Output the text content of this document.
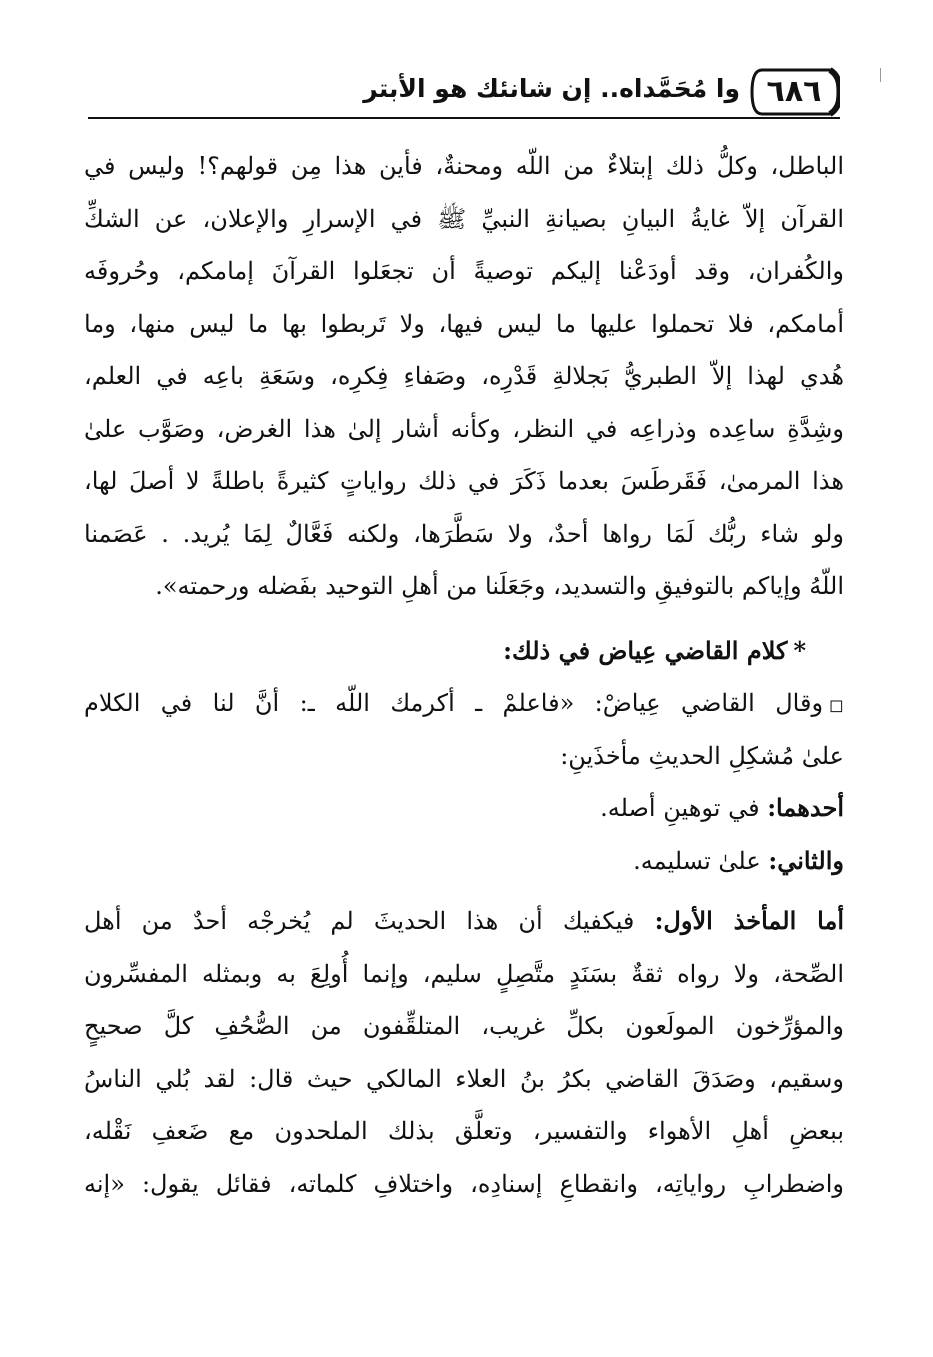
٦٨٦
وا مُحَمَّداه.. إن شانئك هو الأبتر
الباطل، وكلُّ ذلك إبتلاءٌ من اللّه ومحنةٌ، فأين هذا مِن قولهم؟! وليس في
القرآن إلاّ غايةُ البيانِ بصيانةِ النبيِّ ﷺ في الإسرارِ والإعلان، عن الشكِّ
والكُفران، وقد أودَعْنا إليكم توصيةً أن تجعَلوا القرآنَ إمامكم، وحُروفَه
أمامكم، فلا تحملوا عليها ما ليس فيها، ولا تَربطوا بها ما ليس منها، وما
هُدي لهذا إلاّ الطبريُّ بَجلالةِ قَدْرِه، وصَفاءِ فِكرِه، وسَعَةِ باعِه في العلم،
وشِدَّةِ ساعِده وذراعِه في النظر، وكأنه أشار إلىٰ هذا الغرض، وصَوَّب علىٰ
هذا المرمىٰ، فَقَرطَسَ بعدما ذَكَرَ في ذلك رواياتٍ كثيرةً باطلةً لا أصلَ لها،
ولو شاء ربُّك لَمَا رواها أحدٌ، ولا سَطَّرَها، ولكنه فَعَّالٌ لِمَا يُريد. . عَصَمنا
اللّهُ وإياكم بالتوفيقِ والتسديد، وجَعَلَنا من أهلِ التوحيد بفَضله ورحمته».
*كلام القاضي عِياض في ذلك:
◻وقال القاضي عِياضْ: «فاعلمْ ـ أكرمك اللّه ـ: أنَّ لنا في الكلام
علىٰ مُشكِلِ الحديثِ مأخذَينِ:
أحدهما: في توهينِ أصله.
والثاني: علىٰ تسليمه.
أما المأخذ الأول: فيكفيك أن هذا الحديثَ لم يُخرجْه أحدٌ من أهل
الصِّحة، ولا رواه ثقةٌ بسَنَدٍ متَّصِلٍ سليم، وإنما أُولِعَ به وبمثله المفسِّرون
والمؤرِّخون المولَعون بكلِّ غريب، المتلقِّفون من الصُّحُفِ كلَّ صحيحٍ
وسقيم، وصَدَقَ القاضي بكرُ بنُ العلاء المالكي حيث قال: لقد بُلي الناسُ
ببعضِ أهلِ الأهواء والتفسير، وتعلَّق بذلك الملحدون مع ضَعفِ نَقْله،
واضطرابِ رواياتِه، وانقطاعِ إسنادِه، واختلافِ كلماته، فقائل يقول: «إنه
